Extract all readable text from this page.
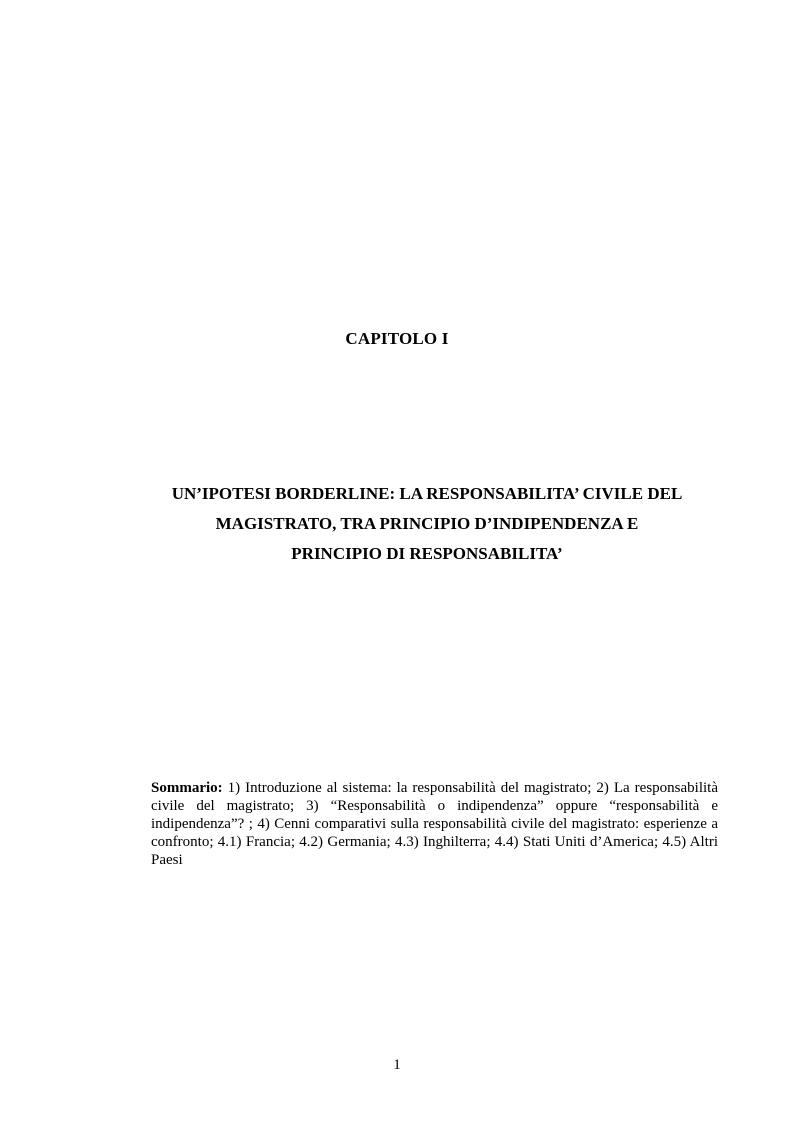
CAPITOLO I
UN’IPOTESI BORDERLINE: LA RESPONSABILITA’ CIVILE DEL
MAGISTRATO, TRA PRINCIPIO D’INDIPENDENZA E
PRINCIPIO DI RESPONSABILITA’

Sommario: 1) Introduzione al sistema: la responsabilità del magistrato; 2) La responsabilità civile del magistrato; 3) “Responsabilità o indipendenza” oppure “responsabilità e indipendenza”? ; 4) Cenni comparativi sulla responsabilità civile del magistrato: esperienze a confronto; 4.1) Francia; 4.2) Germania; 4.3) Inghilterra; 4.4) Stati Uniti d’America; 4.5) Altri Paesi

1
